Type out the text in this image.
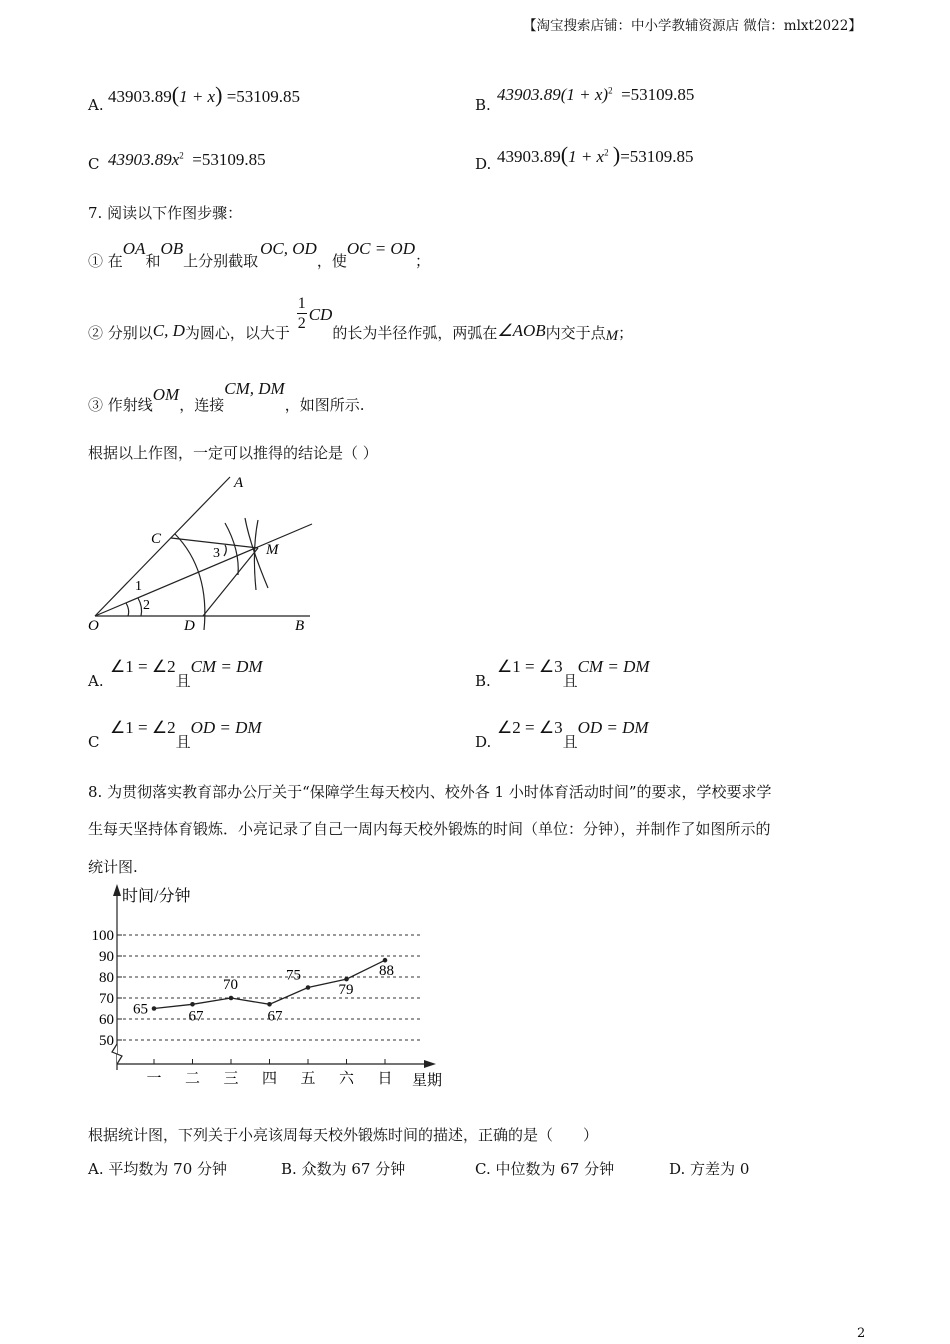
【淘宝搜索店铺：中小学教辅资源店 微信：mlxt2022】
A. 43903.89(1 + x) =53109.85	B.
$43903.89(1 + x)^2 =53109.85$
C $43903.89x^2 =53109.85$	D. $43903.89(1 + x^2$ )=53109.85
7. 阅读以下作图步骤：
① 在OA和OB上分别截取OC, OD，使OC = OD；
② 分别以C, D为圆心，以大于 $\frac{1}{2}$ CD的长为半径作弧，两弧在∠AOB内交于点M；
③ 作射线OM，连接CM, DM，如图所示.
根据以上作图，一定可以推得的结论是（ ）
A
C
M
O	D	B
1
2
3
A.
∠1 = ∠2且CM = DM
B.
∠1 = ∠3且CM = DM
C
∠1 = ∠2且OD = DM
D.
∠2 = ∠3且OD = DM
8. 为贯彻落实教育部办公厅关于“保障学生每天校内、校外各 1 小时体育活动时间”的要求，学校要求学
生每天坚持体育锻炼．小亮记录了自己一周内每天校外锻炼的时间（单位：分钟），并制作了如图所示的
统计图.
时间/分钟
星期
50
60
70
80
90
100
一 二 三 四 五 六 日
65	67
70
67
75
79
88
根据统计图，下列关于小亮该周每天校外锻炼时间的描述，正确的是（　　）
A. 平均数为 70 分钟	B. 众数为 67 分钟	C. 中位数为 67 分钟	D. 方差为 0
2
